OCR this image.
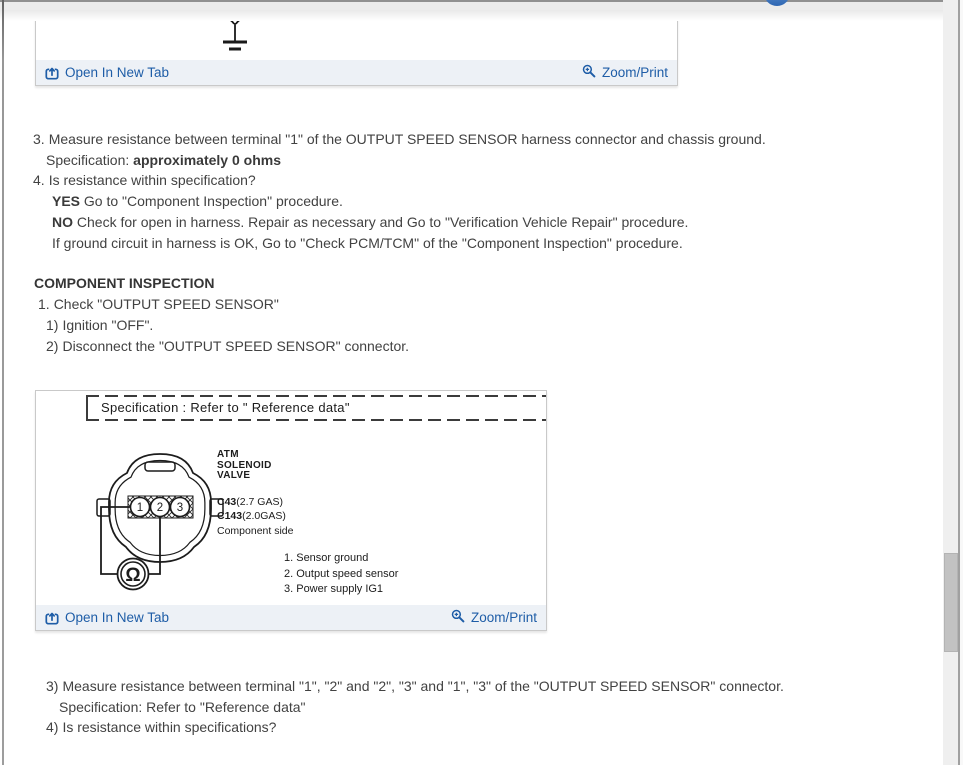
Open In New Tab	Zoom/Print
3. Measure resistance between terminal "1" of the OUTPUT SPEED SENSOR harness connector and chassis ground.
Specification: approximately 0 ohms
4. Is resistance within specification?
YES Go to "Component Inspection" procedure.
NO Check for open in harness. Repair as necessary and Go to "Verification Vehicle Repair" procedure.
If ground circuit in harness is OK, Go to "Check PCM/TCM" of the "Component Inspection" procedure.
COMPONENT INSPECTION
1. Check "OUTPUT SPEED SENSOR"
1) Ignition "OFF".
2) Disconnect the "OUTPUT SPEED SENSOR" connector.
Specification : Refer to " Reference data"
1 2 3
Ω
ATM
SOLENOID
VALVE
C43(2.7 GAS)
C143(2.0GAS)
Component side
1. Sensor ground
2. Output speed sensor
3. Power supply IG1
Open In New Tab	Zoom/Print
3) Measure resistance between terminal "1", "2" and "2", "3" and "1", "3" of the "OUTPUT SPEED SENSOR" connector.
Specification: Refer to "Reference data"
4) Is resistance within specifications?
